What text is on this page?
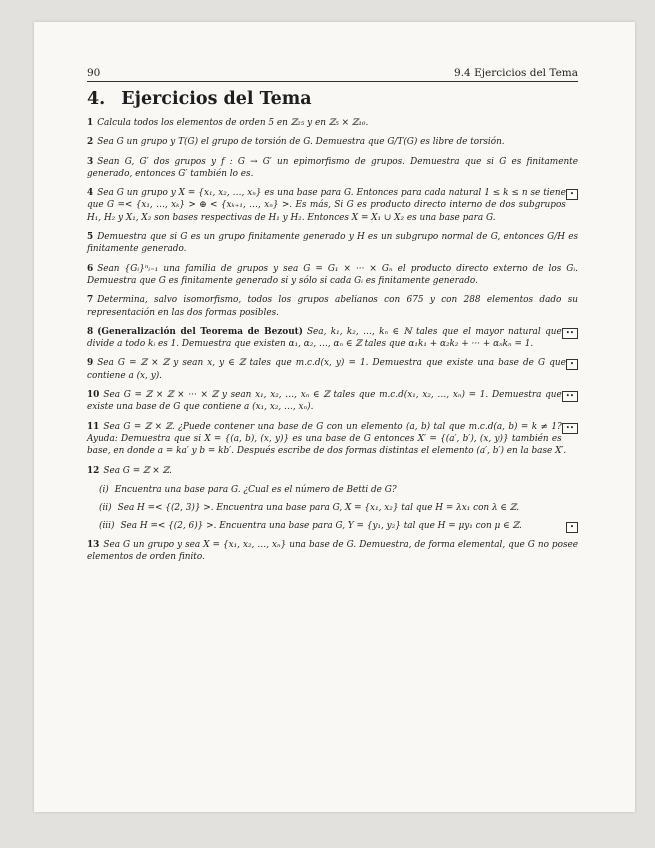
90	9.4 Ejercicios del Tema
4. Ejercicios del Tema
1 Calcula todos los elementos de orden 5 en ℤ₂₅ y en ℤ₅ × ℤ₁₀.
2 Sea G un grupo y T(G) el grupo de torsión de G. Demuestra que G/T(G) es libre de torsión.
3 Sean G, G′ dos grupos y f : G → G′ un epimorfismo de grupos. Demuestra que si G es finitamente generado, entonces G′ también lo es.
•
4 Sea G un grupo y X = {x₁, x₂, …, xₙ} es una base para G. Entonces para cada natural 1 ≤ k ≤ n se tiene que G =< {x₁, …, xₖ} > ⊕ < {xₖ₊₁, …, xₙ} >. Es más, Si G es producto directo interno de dos subgrupos H₁, H₂ y X₁, X₂ son bases respectivas de H₁ y H₂. Entonces X = X₁ ∪ X₂ es una base para G.
5 Demuestra que si G es un grupo finitamente generado y H es un subgrupo normal de G, entonces G/H es finitamente generado.
6 Sean {Gᵢ}ⁿᵢ₌₁ una familia de grupos y sea G = G₁ × ··· × Gₙ el producto directo externo de los Gᵢ. Demuestra que G es finitamente generado si y sólo si cada Gᵢ es finitamente generado.
7 Determina, salvo isomorfismo, todos los grupos abelianos con 675 y con 288 elementos dado su representación en las dos formas posibles.
••
8 (Generalización del Teorema de Bezout) Sea, k₁, k₂, …, kₙ ∈ ℕ tales que el mayor natural que divide a todo kᵢ es 1. Demuestra que existen α₁, α₂, …, αₙ ∈ ℤ tales que α₁k₁ + α₂k₂ + ··· + αₙkₙ = 1.
•
9 Sea G = ℤ × ℤ y sean x, y ∈ ℤ tales que m.c.d(x, y) = 1. Demuestra que existe una base de G que contiene a (x, y).
••
10 Sea G = ℤ × ℤ × ··· × ℤ y sean x₁, x₂, …, xₙ ∈ ℤ tales que m.c.d(x₁, x₂, …, xₙ) = 1. Demuestra que existe una base de G que contiene a (x₁, x₂, …, xₙ).
••
11 Sea G = ℤ × ℤ. ¿Puede contener una base de G con un elemento (a, b) tal que m.c.d(a, b) = k ≠ 1? Ayuda: Demuestra que si X = {(a, b), (x, y)} es una base de G entonces X′ = {(a′, b′), (x, y)} también es base, en donde a = ka′ y b = kb′. Después escribe de dos formas distintas el elemento (a′, b′) en la base X′.
12 Sea G = ℤ × ℤ.
(i) Encuentra una base para G. ¿Cual es el número de Betti de G?
(ii) Sea H =< {(2, 3)} >. Encuentra una base para G, X = {x₁, x₂} tal que H = λx₁ con λ ∈ ℤ.
•
(iii) Sea H =< {(2, 6)} >. Encuentra una base para G, Y = {y₁, y₂} tal que H = μy₁ con μ ∈ ℤ.
13 Sea G un grupo y sea X = {x₁, x₂, …, xₙ} una base de G. Demuestra, de forma elemental, que G no posee elementos de orden finito.
